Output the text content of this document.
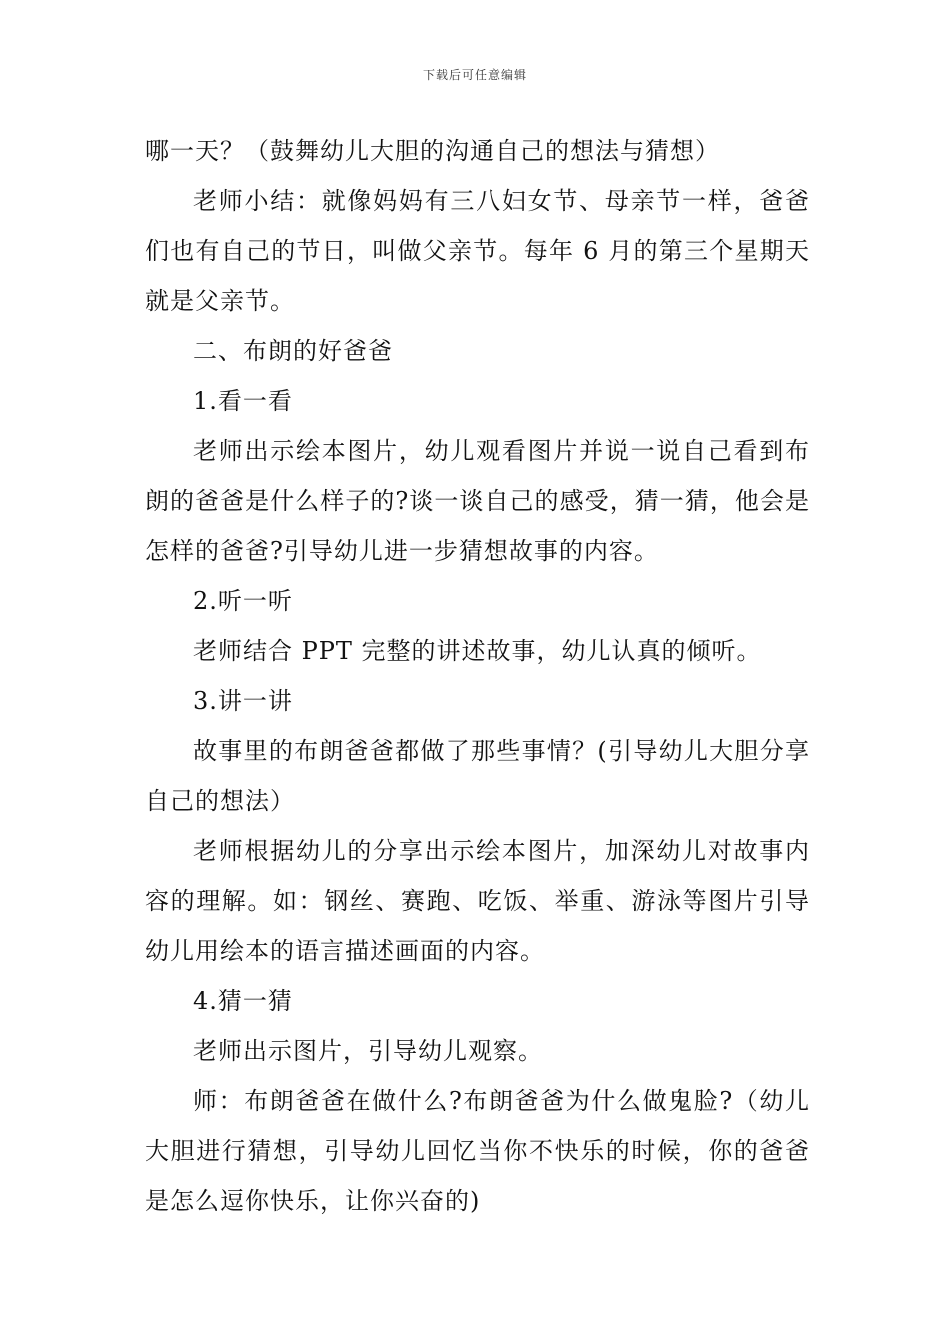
下载后可任意编辑

哪一天？（鼓舞幼儿大胆的沟通自己的想法与猜想）

老师小结：就像妈妈有三八妇女节、母亲节一样，爸爸们也有自己的节日，叫做父亲节。每年 6 月的第三个星期天就是父亲节。

二、布朗的好爸爸

1.看一看

老师出示绘本图片，幼儿观看图片并说一说自己看到布朗的爸爸是什么样子的?谈一谈自己的感受，猜一猜，他会是怎样的爸爸?引导幼儿进一步猜想故事的内容。

2.听一听

老师结合 PPT 完整的讲述故事，幼儿认真的倾听。

3.讲一讲

故事里的布朗爸爸都做了那些事情？(引导幼儿大胆分享自己的想法）

老师根据幼儿的分享出示绘本图片，加深幼儿对故事内容的理解。如：钢丝、赛跑、吃饭、举重、游泳等图片引导幼儿用绘本的语言描述画面的内容。

4.猜一猜

老师出示图片，引导幼儿观察。

师：布朗爸爸在做什么?布朗爸爸为什么做鬼脸?（幼儿大胆进行猜想，引导幼儿回忆当你不快乐的时候，你的爸爸是怎么逗你快乐，让你兴奋的)
